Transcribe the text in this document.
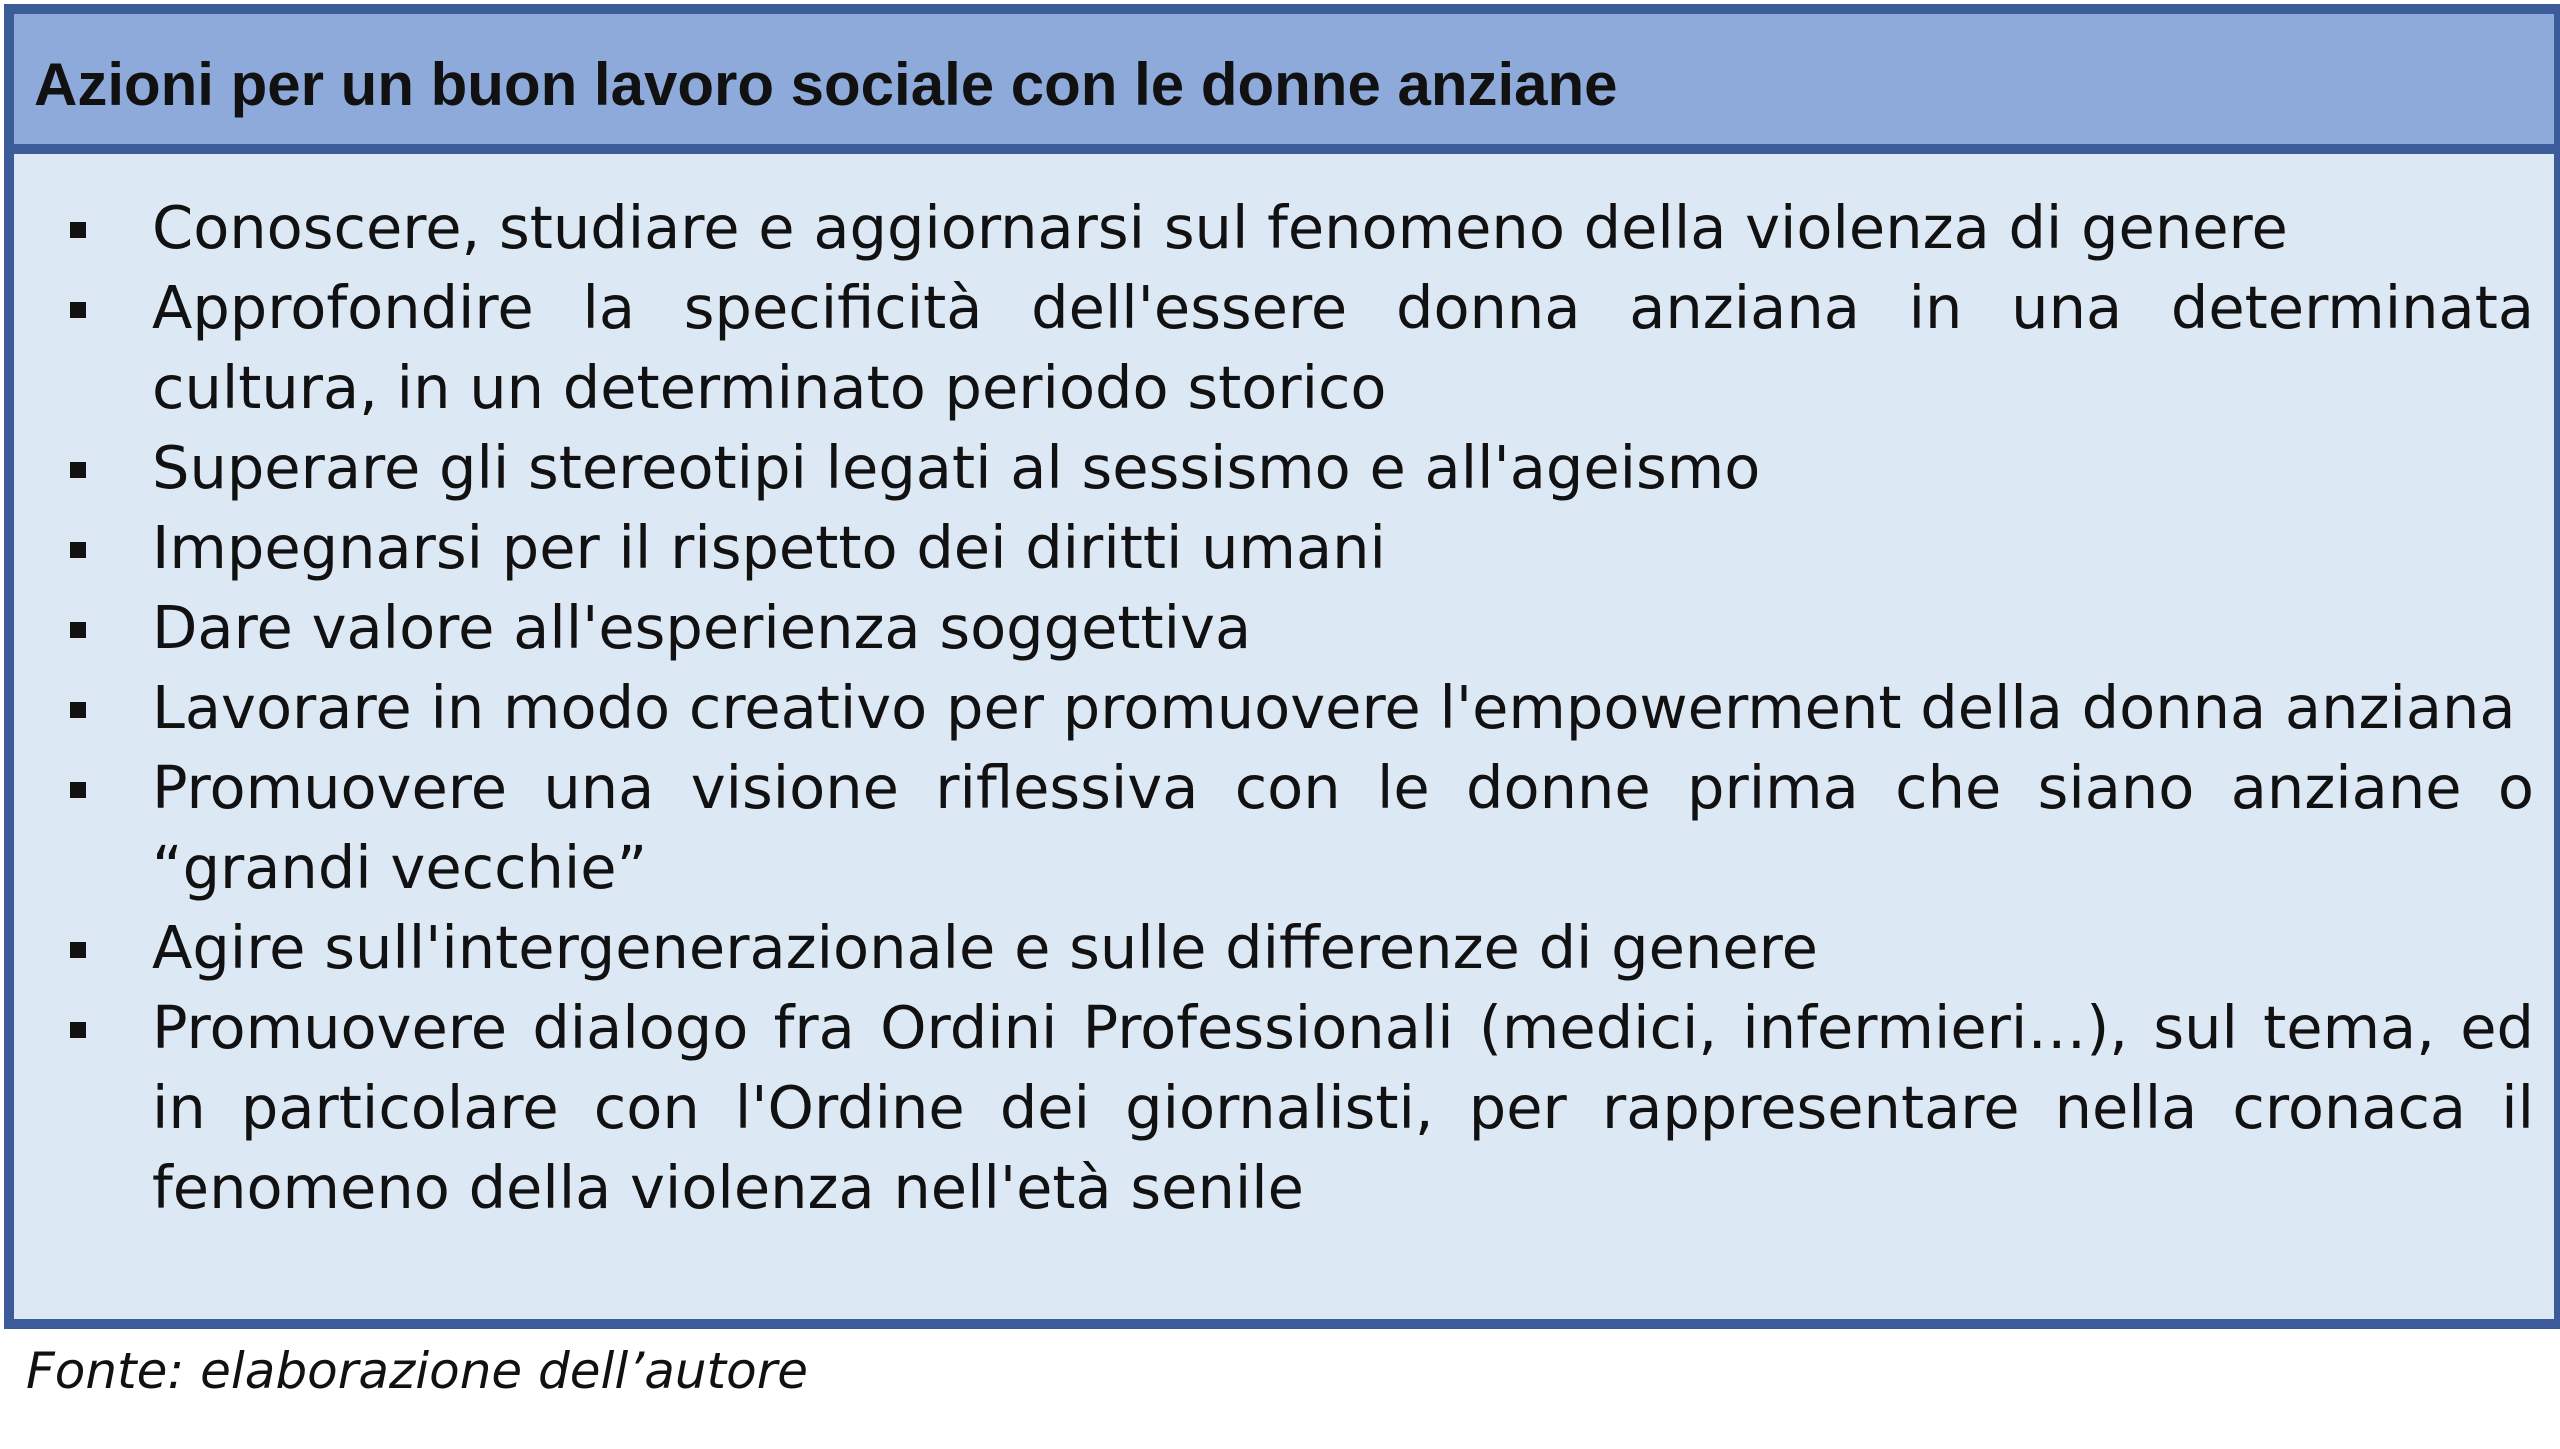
Azioni per un buon lavoro sociale con le donne anziane
Conoscere, studiare e aggiornarsi sul fenomeno della violenza di genere
Approfondire la specificità dell'essere donna anziana in una determinata cultura, in un determinato periodo storico
Superare gli stereotipi legati al sessismo e all'ageismo
Impegnarsi per il rispetto dei diritti umani
Dare valore all'esperienza soggettiva
Lavorare in modo creativo per promuovere l'empowerment della donna anziana
Promuovere una visione riflessiva con le donne prima che siano anziane o “grandi vecchie”
Agire sull'intergenerazionale e sulle differenze di genere
Promuovere dialogo fra Ordini Professionali (medici, infermieri…), sul tema, ed in particolare con l'Ordine dei giornalisti, per rappresentare nella cronaca il fenomeno della violenza nell'età senile

Fonte: elaborazione dell’autore
